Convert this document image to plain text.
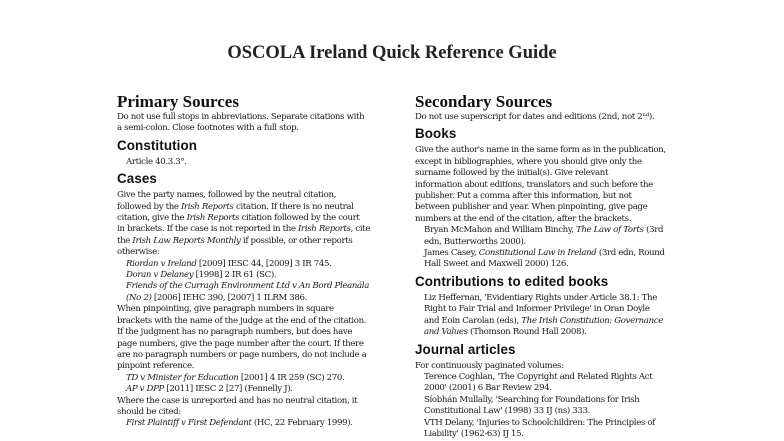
OSCOLA Ireland Quick Reference Guide
Primary Sources

Do not use full stops in abbreviations. Separate citations with

a semi-colon. Close footnotes with a full stop.

Constitution

Article 40.3.3°.

Cases

Give the party names, followed by the neutral citation,

followed by the Irish Reports citation. If there is no neutral

citation, give the Irish Reports citation followed by the court

in brackets. If the case is not reported in the Irish Reports, cite

the Irish Law Reports Monthly if possible, or other reports

otherwise:

Riordan v Ireland [2009] IESC 44, [2009] 3 IR 745.

Doran v Delaney [1998] 2 IR 61 (SC).

Friends of the Curragh Environment Ltd v An Bord Pleanála

(No 2) [2006] IEHC 390, [2007] 1 ILRM 386.

When pinpointing, give paragraph numbers in square

brackets with the name of the judge at the end of the citation.

If the judgment has no paragraph numbers, but does have

page numbers, give the page number after the court. If there

are no paragraph numbers or page numbers, do not include a

pinpoint reference.

TD v Minister for Education [2001] 4 IR 259 (SC) 270.

AP v DPP [2011] IESC 2 [27] (Fennelly J).

Where the case is unreported and has no neutral citation, it

should be cited:

First Plaintiff v First Defendant (HC, 22 February 1999).

Secondary Sources

Do not use superscript for dates and editions (2nd, not 2ⁿᵈ).

Books

Give the author's name in the same form as in the publication,

except in bibliographies, where you should give only the

surname followed by the initial(s). Give relevant

information about editions, translators and such before the

publisher. Put a comma after this information, but not

between publisher and year. When pinpointing, give page

numbers at the end of the citation, after the brackets.

Bryan McMahon and William Binchy, The Law of Torts (3rd

edn, Butterworths 2000).

James Casey, Constitutional Law in Ireland (3rd edn, Round

Hall Sweet and Maxwell 2000) 126.

Contributions to edited books

Liz Heffernan, 'Evidentiary Rights under Article 38.1: The

Right to Fair Trial and Informer Privilege' in Oran Doyle

and Eoin Carolan (eds), The Irish Constitution: Governance

and Values (Thomson Round Hall 2008).

Journal articles

For continuously paginated volumes:

Terence Coghlan, 'The Copyright and Related Rights Act

2000' (2001) 6 Bar Review 294.

Síobhán Mullally, 'Searching for Foundations for Irish

Constitutional Law' (1998) 33 IJ (ns) 333.

VTH Delany, 'Injuries to Schoolchildren: The Principles of

Liability' (1962-63) IJ 15.
